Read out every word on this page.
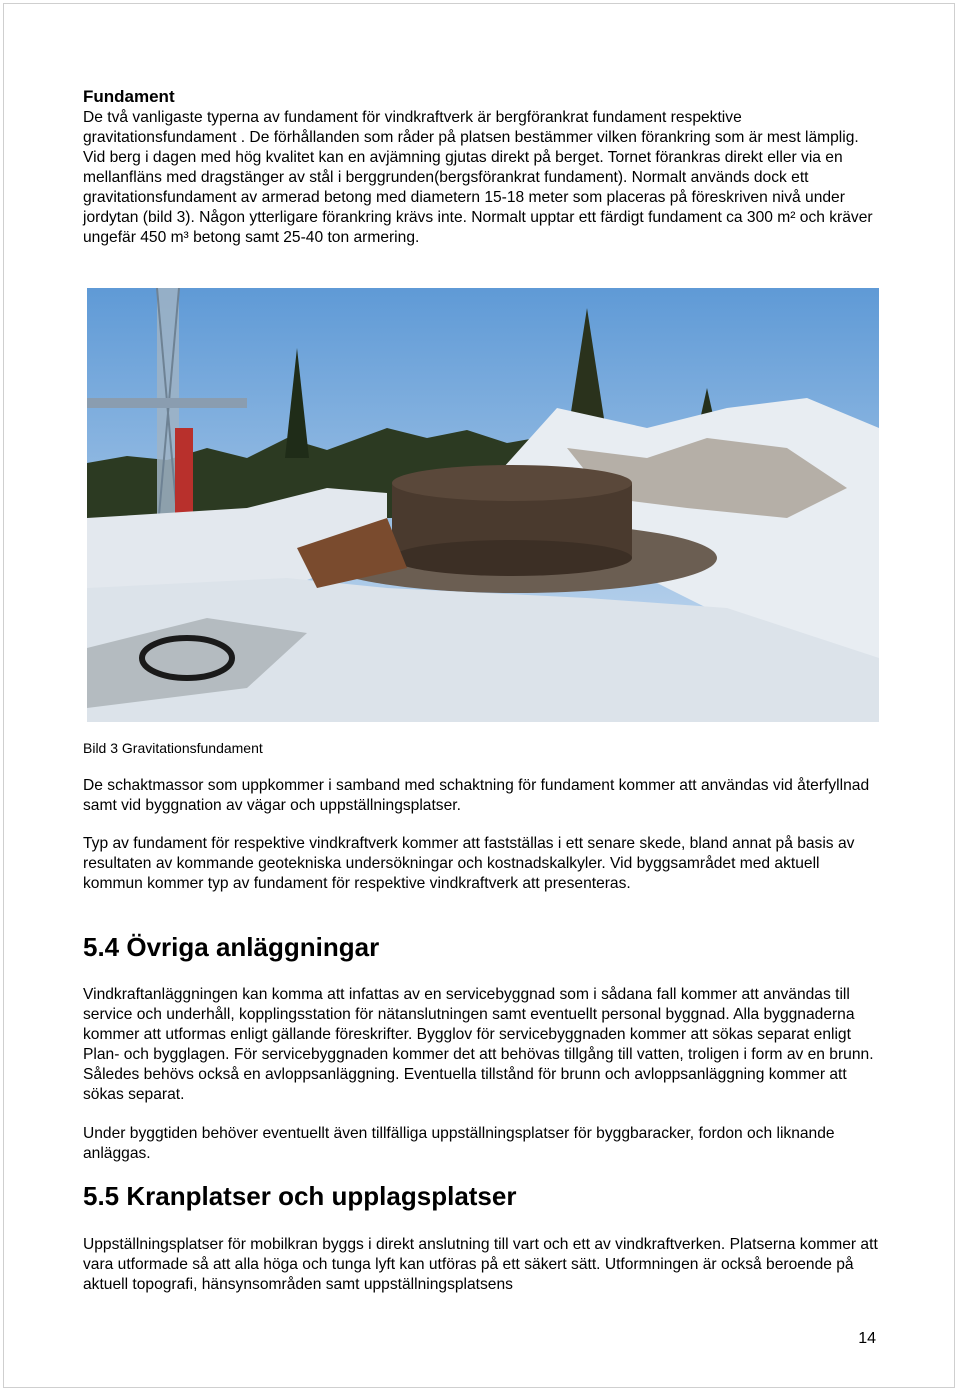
Fundament

De två vanligaste typerna av fundament för vindkraftverk är bergförankrat fundament respektive gravitationsfundament . De förhållanden som råder på platsen bestämmer vilken förankring som är mest lämplig. Vid berg i dagen med hög kvalitet kan en avjämning gjutas direkt på berget. Tornet förankras direkt eller via en mellanfläns med dragstänger av stål i berggrunden(bergsförankrat fundament). Normalt används dock ett gravitationsfundament av armerad betong med diametern 15-18 meter som placeras på föreskriven nivå under jordytan (bild 3). Någon ytterligare förankring krävs inte. Normalt upptar ett färdigt fundament ca 300 m² och kräver ungefär 450 m³ betong samt 25-40 ton armering.

Bild 3 Gravitationsfundament

De schaktmassor som uppkommer i samband med schaktning för fundament kommer att användas vid återfyllnad samt vid byggnation av vägar och uppställningsplatser.

Typ av fundament för respektive vindkraftverk kommer att fastställas i ett senare skede, bland annat på basis av resultaten av kommande geotekniska undersökningar och kostnadskalkyler. Vid byggsamrådet med aktuell kommun kommer typ av fundament för respektive vindkraftverk att presenteras.

5.4 Övriga anläggningar

Vindkraftanläggningen kan komma att infattas av en servicebyggnad som i sådana fall kommer att användas till service och underhåll, kopplingsstation för nätanslutningen samt eventuellt personal byggnad. Alla byggnaderna kommer att utformas enligt gällande föreskrifter. Bygglov för servicebyggnaden kommer att sökas separat enligt Plan- och bygglagen. För servicebyggnaden kommer det att behövas tillgång till vatten, troligen i form av en brunn. Således behövs också en avloppsanläggning. Eventuella tillstånd för brunn och avloppsanläggning kommer att sökas separat.

Under byggtiden behöver eventuellt även tillfälliga uppställningsplatser för byggbaracker, fordon och liknande anläggas.

5.5 Kranplatser och upplagsplatser

Uppställningsplatser för mobilkran byggs i direkt anslutning till vart och ett av vindkraftverken. Platserna kommer att vara utformade så att alla höga och tunga lyft kan utföras på ett säkert sätt. Utformningen är också beroende på aktuell topografi, hänsynsområden samt uppställningsplatsens

14
